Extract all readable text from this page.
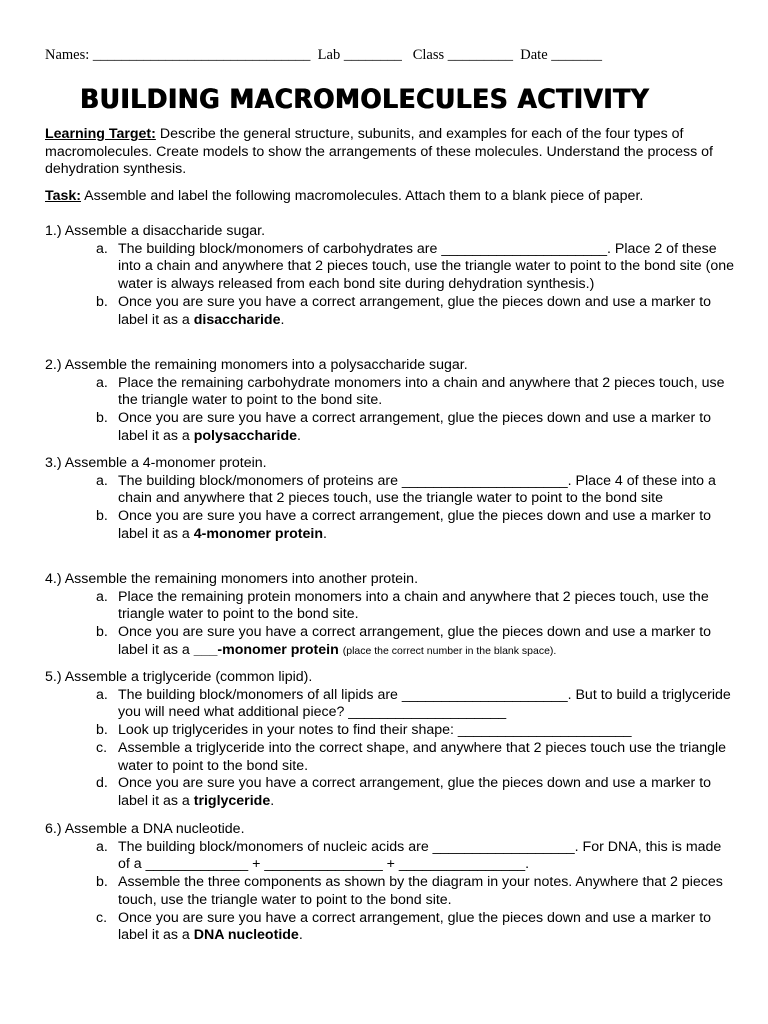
Names: ______________________________ Lab ________ Class _________ Date _______
BUILDING MACROMOLECULES ACTIVITY
Learning Target: Describe the general structure, subunits, and examples for each of the four types of macromolecules. Create models to show the arrangements of these molecules. Understand the process of dehydration synthesis.
Task: Assemble and label the following macromolecules. Attach them to a blank piece of paper.

1.) Assemble a disaccharide sugar.

a. The building block/monomers of carbohydrates are _____________________. Place 2 of these into a chain and anywhere that 2 pieces touch, use the triangle water to point to the bond site (one water is always released from each bond site during dehydration synthesis.)

b. Once you are sure you have a correct arrangement, glue the pieces down and use a marker to label it as a disaccharide.

2.) Assemble the remaining monomers into a polysaccharide sugar.

a. Place the remaining carbohydrate monomers into a chain and anywhere that 2 pieces touch, use the triangle water to point to the bond site.

b. Once you are sure you have a correct arrangement, glue the pieces down and use a marker to label it as a polysaccharide.

3.) Assemble a 4-monomer protein.

a. The building block/monomers of proteins are _____________________. Place 4 of these into a chain and anywhere that 2 pieces touch, use the triangle water to point to the bond site

b. Once you are sure you have a correct arrangement, glue the pieces down and use a marker to label it as a 4-monomer protein.

4.) Assemble the remaining monomers into another protein.

a. Place the remaining protein monomers into a chain and anywhere that 2 pieces touch, use the triangle water to point to the bond site.

b. Once you are sure you have a correct arrangement, glue the pieces down and use a marker to label it as a ___-monomer protein (place the correct number in the blank space).

5.) Assemble a triglyceride (common lipid).

a. The building block/monomers of all lipids are _____________________. But to build a triglyceride you will need what additional piece? ____________________

b. Look up triglycerides in your notes to find their shape: ______________________

c. Assemble a triglyceride into the correct shape, and anywhere that 2 pieces touch use the triangle water to point to the bond site.

d. Once you are sure you have a correct arrangement, glue the pieces down and use a marker to label it as a triglyceride.

6.) Assemble a DNA nucleotide.

a. The building block/monomers of nucleic acids are __________________. For DNA, this is made of a _____________ + _______________ + ________________.

b. Assemble the three components as shown by the diagram in your notes. Anywhere that 2 pieces touch, use the triangle water to point to the bond site.

c. Once you are sure you have a correct arrangement, glue the pieces down and use a marker to label it as a DNA nucleotide.
